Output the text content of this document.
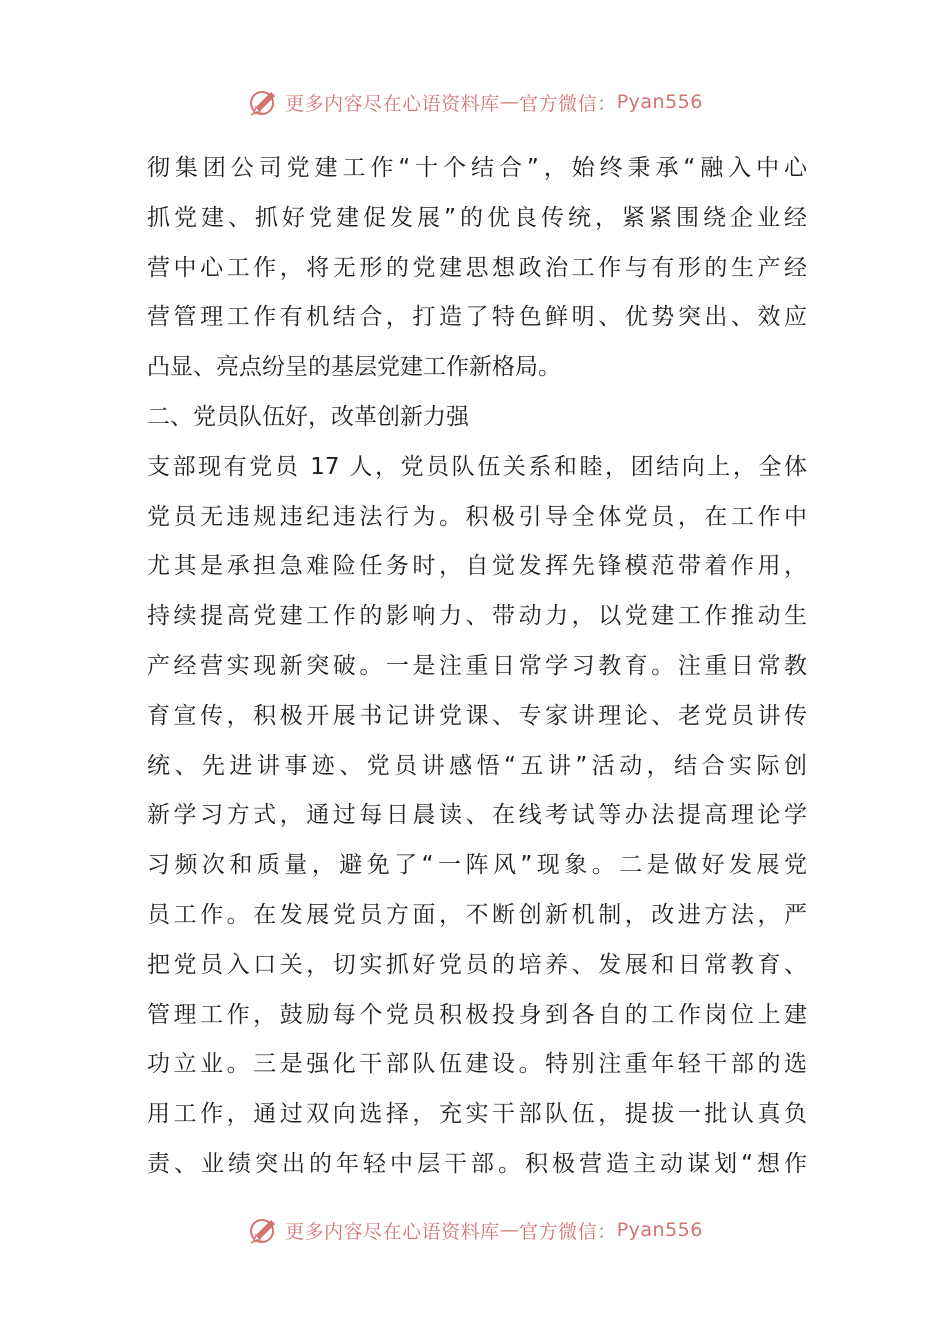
更多内容尽在心语资料库 — 官方微信： Pyan556
彻集团公司党建工作“十个结合”，始终秉承“融入中心
抓党建、抓好党建促发展”的优良传统，紧紧围绕企业经
营中心工作，将无形的党建思想政治工作与有形的生产经
营管理工作有机结合，打造了特色鲜明、优势突出、效应
凸显、亮点纷呈的基层党建工作新格局。
二、党员队伍好，改革创新力强
支部现有党员 17 人，党员队伍关系和睦，团结向上，全体
党员无违规违纪违法行为。积极引导全体党员，在工作中
尤其是承担急难险任务时，自觉发挥先锋模范带着作用，
持续提高党建工作的影响力、带动力，以党建工作推动生
产经营实现新突破。一是注重日常学习教育。注重日常教
育宣传，积极开展书记讲党课、专家讲理论、老党员讲传
统、先进讲事迹、党员讲感悟“五讲”活动，结合实际创
新学习方式，通过每日晨读、在线考试等办法提高理论学
习频次和质量，避免了“一阵风”现象。二是做好发展党
员工作。在发展党员方面，不断创新机制，改进方法，严
把党员入口关，切实抓好党员的培养、发展和日常教育、
管理工作，鼓励每个党员积极投身到各自的工作岗位上建
功立业。三是强化干部队伍建设。特别注重年轻干部的选
用工作，通过双向选择，充实干部队伍，提拔一批认真负
责、业绩突出的年轻中层干部。积极营造主动谋划“想作
更多内容尽在心语资料库 — 官方微信： Pyan556
